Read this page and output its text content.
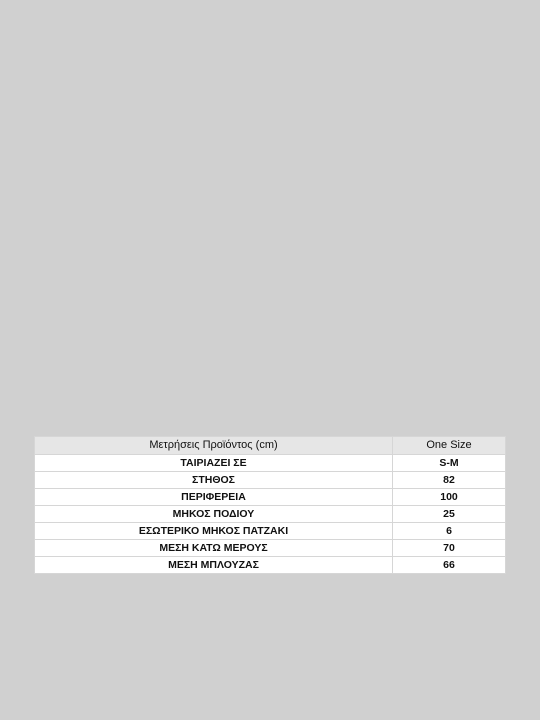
Μετρήσεις Προϊόντος (cm)	One Size
ΤΑΙΡΙΑΖΕΙ ΣΕ	S-M
ΣΤΗΘΟΣ	82
ΠΕΡΙΦΕΡΕΙΑ	100
ΜΗΚΟΣ ΠΟΔΙΟΥ	25
ΕΣΩΤΕΡΙΚΟ ΜΗΚΟΣ ΠΑΤΖΑΚΙ	6
ΜΕΣΗ ΚΑΤΩ ΜΕΡΟΥΣ	70
ΜΕΣΗ ΜΠΛΟΥΖΑΣ	66
